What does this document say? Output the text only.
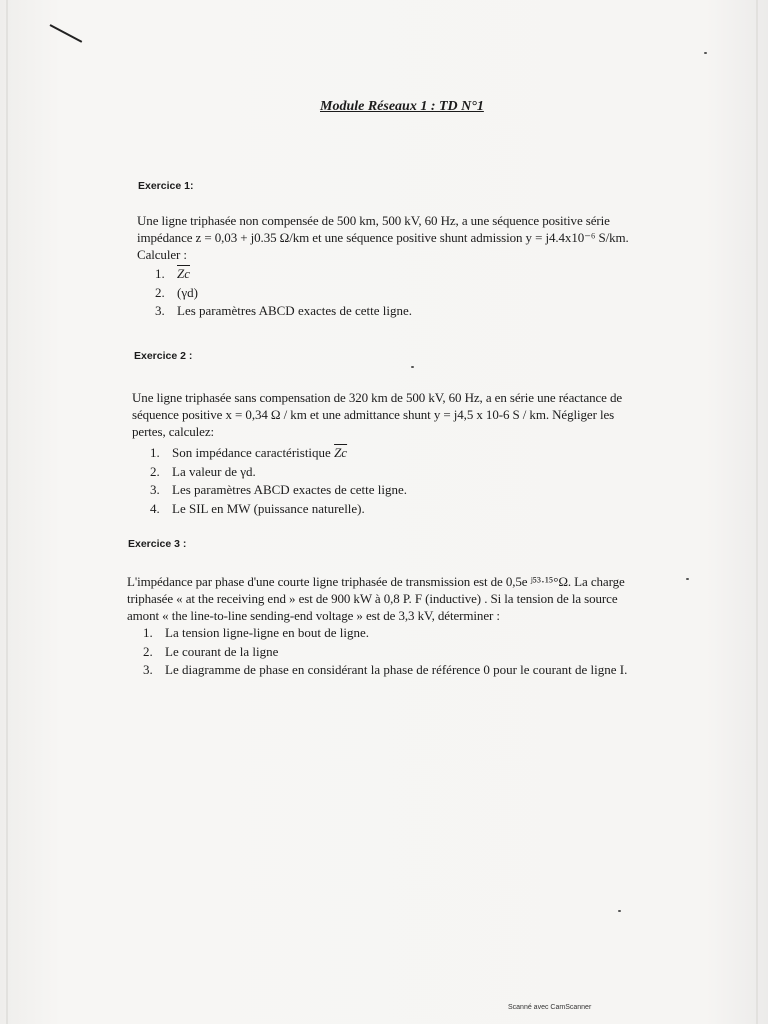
Module Réseaux 1 : TD N°1
Exercice 1:
Une ligne triphasée non compensée de 500 km, 500 kV, 60 Hz, a une séquence positive série
impédance z = 0,03 + j0.35 Ω/km et une séquence positive shunt admission y = j4.4x10⁻⁶ S/km.
Calculer :
1. $\overline{Zc}$
2. (γd)
3. Les paramètres ABCD exactes de cette ligne.
Exercice 2 :
Une ligne triphasée sans compensation de 320 km de 500 kV, 60 Hz, a en série une réactance de
séquence positive x = 0,34 Ω / km et une admittance shunt y = j4,5 x 10-6 S / km. Négliger les
pertes, calculez:
1. Son impédance caractéristique $\overline{Zc}$
2. La valeur de γd.
3. Les paramètres ABCD exactes de cette ligne.
4. Le SIL en MW (puissance naturelle).
Exercice 3 :
L'impédance par phase d'une courte ligne triphasée de transmission est de 0,5e ʲ⁵³·¹⁵°Ω. La charge
triphasée « at the receiving end » est de 900 kW à 0,8 P. F (inductive) . Si la tension de la source
amont « the line-to-line sending-end voltage » est de 3,3 kV, déterminer :
1. La tension ligne-ligne en bout de ligne.
2. Le courant de la ligne
3. Le diagramme de phase en considérant la phase de référence 0 pour le courant de ligne I.
Scanné avec CamScanner
